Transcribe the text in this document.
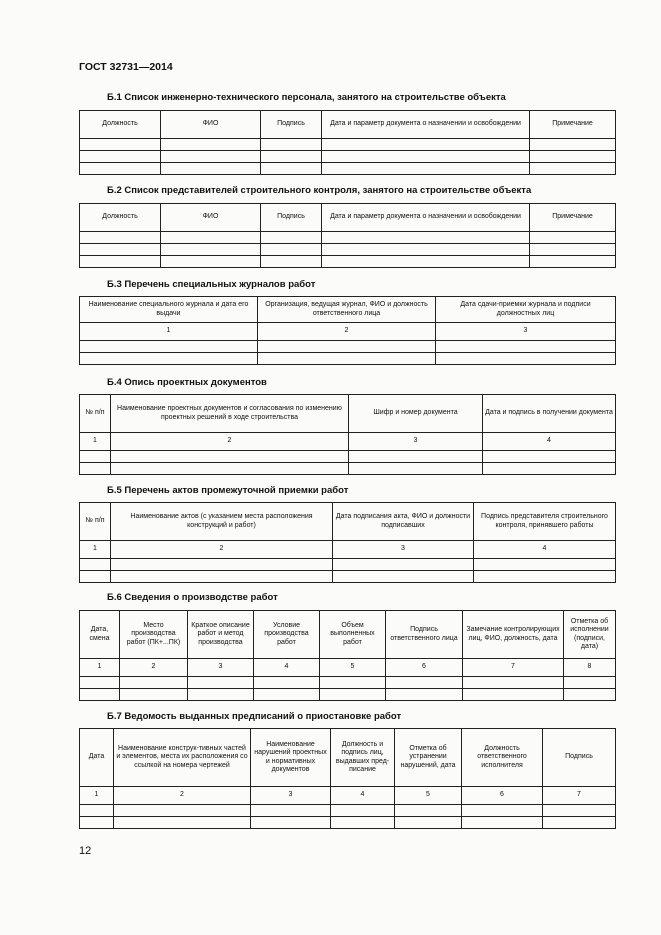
ГОСТ 32731—2014
Б.1 Список инженерно-технического персонала, занятого на строительстве объекта
Должность	ФИО	Подпись	Дата и параметр документа о назначении и освобождении	Примечание

Б.2 Список представителей строительного контроля, занятого на строительстве объекта
Должность	ФИО	Подпись	Дата и параметр документа о назначении и освобождении	Примечание

Б.3 Перечень специальных журналов работ
Наименование специального журнала и дата его выдачи	Организация, ведущая журнал, ФИО и должность ответственного лица	Дата сдачи-приемки журнала и подписи должностных лиц
1	2	3

Б.4 Опись проектных документов
№ п/п	Наименование проектных документов и согласования по изменению проектных решений в ходе строительства	Шифр и номер документа	Дата и подпись в получении документа
1	2	3	4

Б.5 Перечень актов промежуточной приемки работ
№ п/п	Наименование актов (с указанием места расположения конструкций и работ)	Дата подписания акта, ФИО и должности подписавших	Подпись представителя строительного контроля, принявшего работы
1	2	3	4

Б.6 Сведения о производстве работ
Дата, смена	Место производства работ (ПК+...ПК)	Краткое описание работ и метод производства	Условие производства работ	Объем выполненных работ	Подпись ответственного лица	Замечание контролирующих лиц, ФИО, должность, дата	Отметка об исполнении (подписи, дата)
1	2	3	4	5	6	7	8

Б.7 Ведомость выданных предписаний о приостановке работ
Дата	Наименование конструк-тивных частей и элементов, места их расположения со ссылкой на номера чертежей	Наименование нарушений проектных и нормативных документов	Должность и подпись лиц, выдавших пред-писание	Отметка об устранении нарушений, дата	Должность ответственного исполнителя	Подпись
1	2	3	4	5	6	7

12
